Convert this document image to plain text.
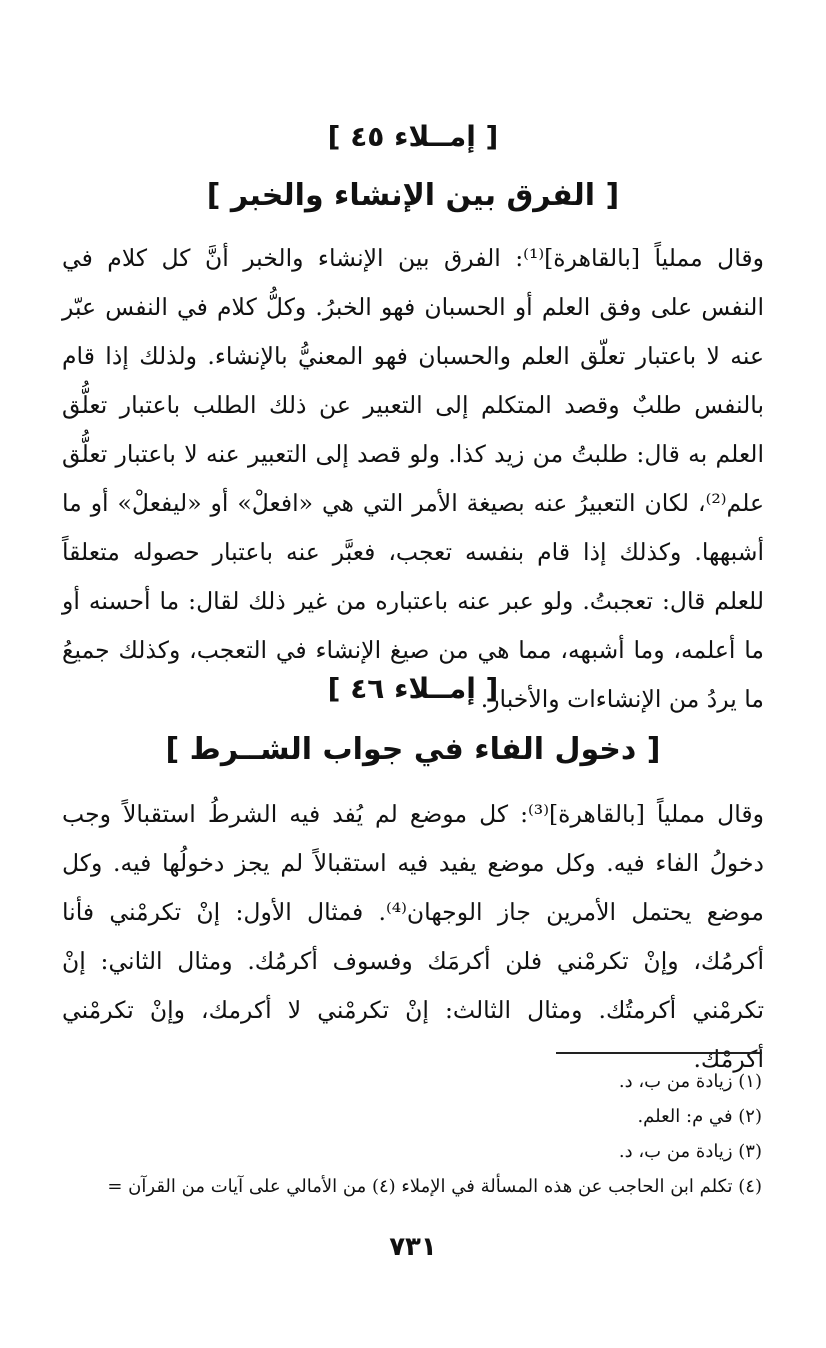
[ إمــلاء ٤٥ ]
[ الفرق بين الإنشاء والخبر ]
وقال مملياً [بالقاهرة]⁽¹⁾: الفرق بين الإنشاء والخبر أنَّ كل كلام في النفس على وفق العلم أو الحسبان فهو الخبرُ. وكلُّ كلام في النفس عبّر عنه لا باعتبار تعلّق العلم والحسبان فهو المعنيُّ بالإنشاء. ولذلك إذا قام بالنفس طلبٌ وقصد المتكلم إلى التعبير عن ذلك الطلب باعتبار تعلُّق العلم به قال: طلبتُ من زيد كذا. ولو قصد إلى التعبير عنه لا باعتبار تعلُّق علم⁽²⁾، لكان التعبيرُ عنه بصيغة الأمر التي هي «افعلْ» أو «ليفعلْ» أو ما أشبهها. وكذلك إذا قام بنفسه تعجب، فعبَّر عنه باعتبار حصوله متعلقاً للعلم قال: تعجبتُ. ولو عبر عنه باعتباره من غير ذلك لقال: ما أحسنه أو ما أعلمه، وما أشبهه، مما هي من صيغ الإنشاء في التعجب، وكذلك جميعُ ما يردُ من الإنشاءات والأخبار.
[ إمــلاء ٤٦ ]
[ دخول الفاء في جواب الشــرط ]
وقال مملياً [بالقاهرة]⁽³⁾: كل موضع لم يُفد فيه الشرطُ استقبالاً وجب دخولُ الفاء فيه. وكل موضع يفيد فيه استقبالاً لم يجز دخولُها فيه. وكل موضع يحتمل الأمرين جاز الوجهان⁽⁴⁾. فمثال الأول: إنْ تكرمْني فأنا أكرمُك، وإنْ تكرمْني فلن أكرمَك وفسوف أكرمُك. ومثال الثاني: إنْ تكرمْني أكرمتُك. ومثال الثالث: إنْ تكرمْني لا أكرمك، وإنْ تكرمْني أكرمْك.
(١) زيادة من ب، د.
(٢) في م: العلم.
(٣) زيادة من ب، د.
(٤) تكلم ابن الحاجب عن هذه المسألة في الإملاء (٤) من الأمالي على آيات من القرآن =
٧٣١
